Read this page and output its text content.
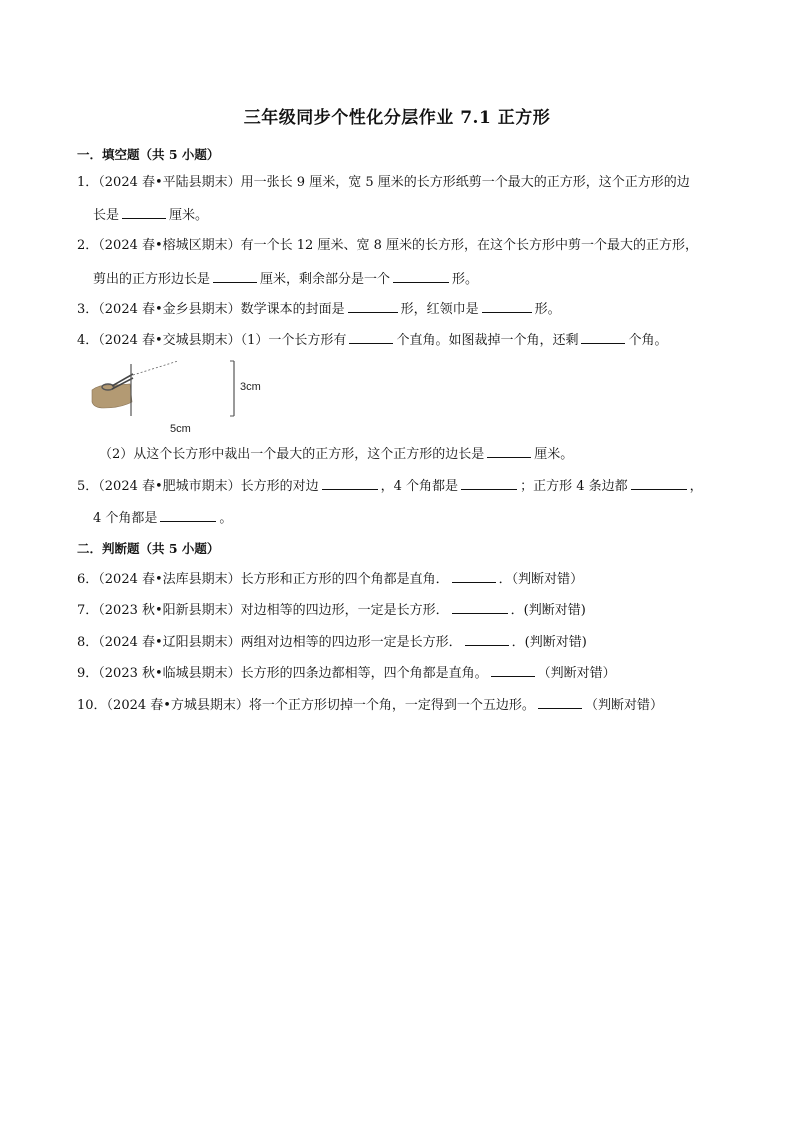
三年级同步个性化分层作业 7.1 正方形
一．填空题（共 5 小题）
1．（2024 春•平陆县期末）用一张长 9 厘米，宽 5 厘米的长方形纸剪一个最大的正方形，这个正方形的边
长是	厘米。
2．（2024 春•榕城区期末）有一个长 12 厘米、宽 8 厘米的长方形，在这个长方形中剪一个最大的正方形，
剪出的正方形边长是	厘米，剩余部分是一个	形。
3．（2024 春•金乡县期末）数学课本的封面是	形，红领巾是	形。
4．（2024 春•交城县期末）（1）一个长方形有	个直角。如图裁掉一个角，还剩	个角。
3cm
5cm
（2）从这个长方形中裁出一个最大的正方形，这个正方形的边长是	厘米。
5．（2024 春•肥城市期末）长方形的对边	，4 个角都是	；正方形 4 条边都	，
4 个角都是	。
二．判断题（共 5 小题）
6．（2024 春•法库县期末）长方形和正方形的四个角都是直角．	．（判断对错）
7．（2023 秋•阳新县期末）对边相等的四边形，一定是长方形．	．(判断对错)
8．（2024 春•辽阳县期末）两组对边相等的四边形一定是长方形．	．(判断对错)
9．（2023 秋•临城县期末）长方形的四条边都相等，四个角都是直角。	（判断对错）
10．（2024 春•方城县期末）将一个正方形切掉一个角，一定得到一个五边形。	（判断对错）
